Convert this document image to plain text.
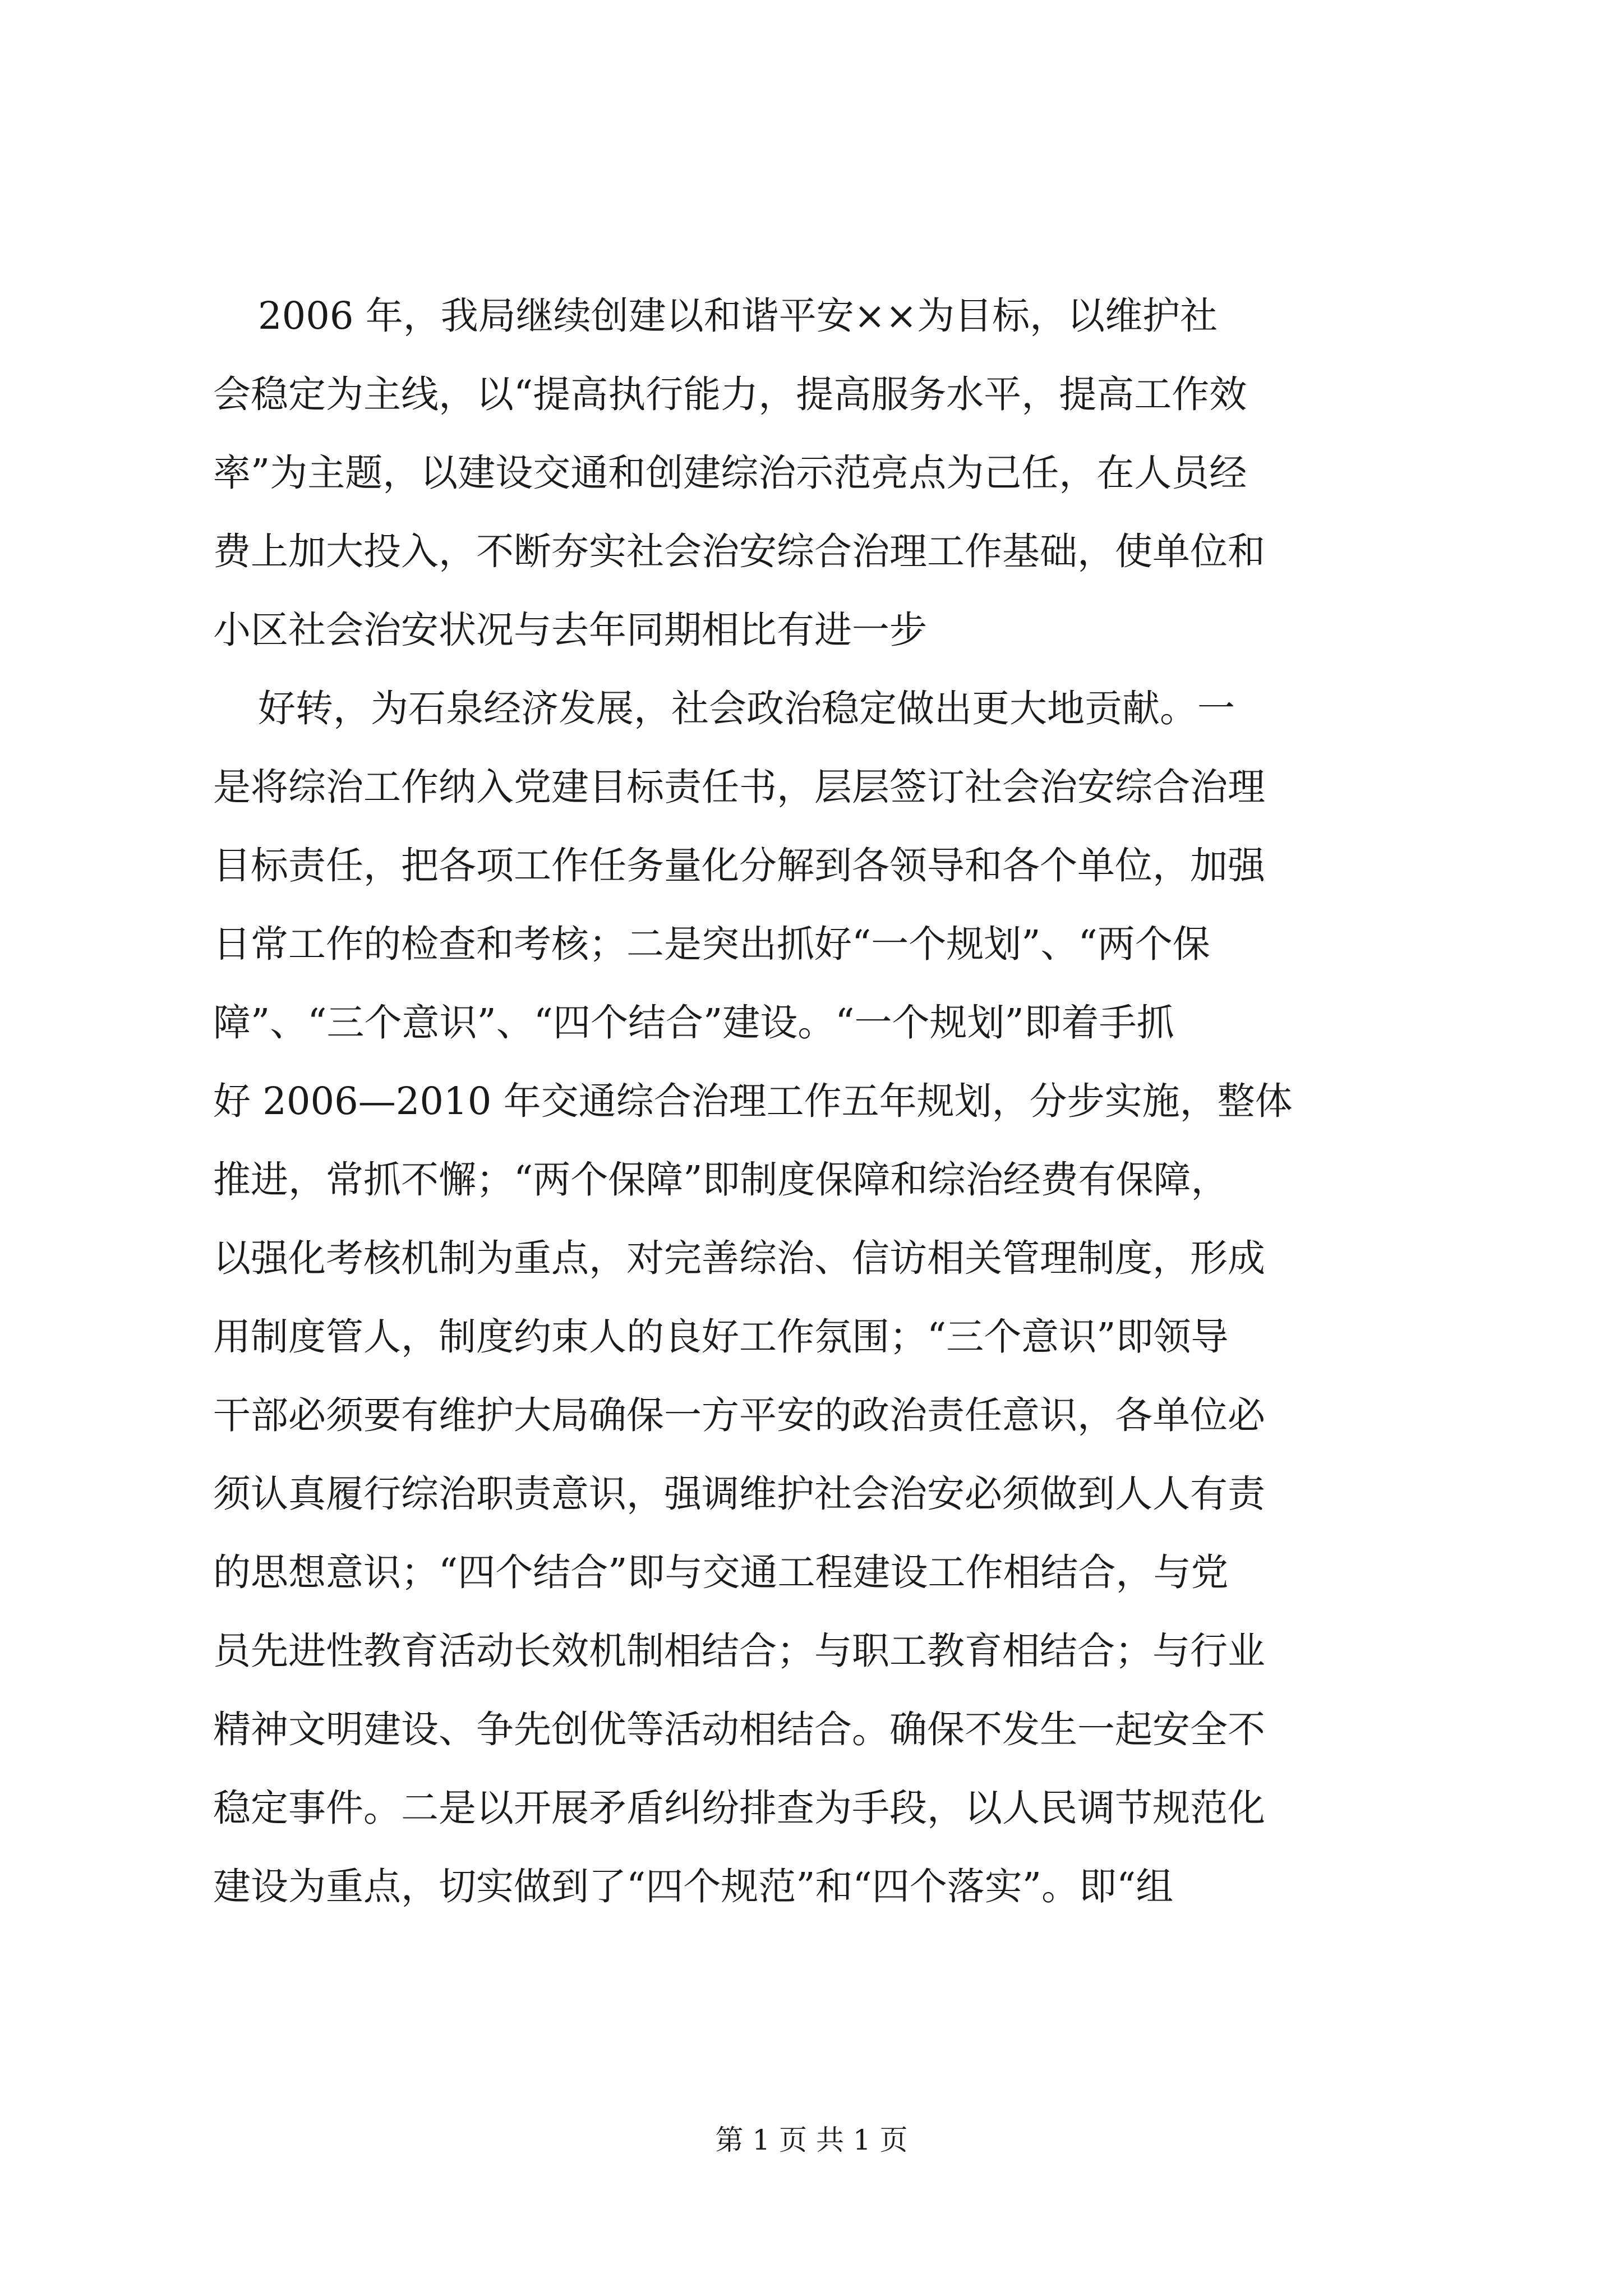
2006 年，我局继续创建以和谐平安××为目标，以维护社

会稳定为主线，以“提高执行能力，提高服务水平，提高工作效

率”为主题，以建设交通和创建综治示范亮点为己任，在人员经

费上加大投入，不断夯实社会治安综合治理工作基础，使单位和

小区社会治安状况与去年同期相比有进一步

好转，为石泉经济发展，社会政治稳定做出更大地贡献。一

是将综治工作纳入党建目标责任书，层层签订社会治安综合治理

目标责任，把各项工作任务量化分解到各领导和各个单位，加强

日常工作的检查和考核；二是突出抓好“一个规划”、“两个保

障”、“三个意识”、“四个结合”建设。“一个规划”即着手抓

好 2006—2010 年交通综合治理工作五年规划，分步实施，整体

推进，常抓不懈；“两个保障”即制度保障和综治经费有保障，

以强化考核机制为重点，对完善综治、信访相关管理制度，形成

用制度管人，制度约束人的良好工作氛围；“三个意识”即领导

干部必须要有维护大局确保一方平安的政治责任意识，各单位必

须认真履行综治职责意识，强调维护社会治安必须做到人人有责

的思想意识；“四个结合”即与交通工程建设工作相结合，与党

员先进性教育活动长效机制相结合；与职工教育相结合；与行业

精神文明建设、争先创优等活动相结合。确保不发生一起安全不

稳定事件。二是以开展矛盾纠纷排查为手段，以人民调节规范化

建设为重点，切实做到了“四个规范”和“四个落实”。即“组

第 1 页 共 1 页
